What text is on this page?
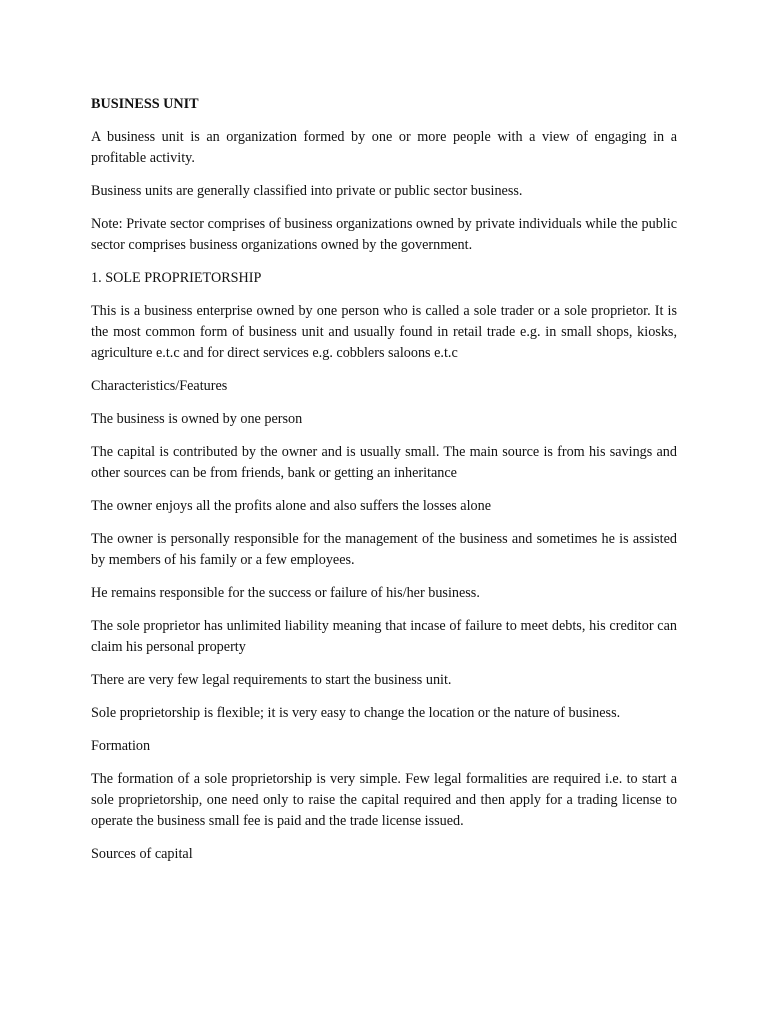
BUSINESS UNIT

A business unit is an organization formed by one or more people with a view of engaging in a profitable activity.

Business units are generally classified into private or public sector business.

Note: Private sector comprises of business organizations owned by private individuals while the public sector comprises business organizations owned by the government.

1. SOLE PROPRIETORSHIP

This is a business enterprise owned by one person who is called a sole trader or a sole proprietor. It is the most common form of business unit and usually found in retail trade e.g. in small shops, kiosks, agriculture e.t.c and for direct services e.g. cobblers saloons e.t.c

Characteristics/Features

The business is owned by one person

The capital is contributed by the owner and is usually small. The main source is from his savings and other sources can be from friends, bank or getting an inheritance

The owner enjoys all the profits alone and also suffers the losses alone

The owner is personally responsible for the management of the business and sometimes he is assisted by members of his family or a few employees.

He remains responsible for the success or failure of his/her business.

The sole proprietor has unlimited liability meaning that incase of failure to meet debts, his creditor can claim his personal property

There are very few legal requirements to start the business unit.

Sole proprietorship is flexible; it is very easy to change the location or the nature of business.

Formation

The formation of a sole proprietorship is very simple. Few legal formalities are required i.e. to start a sole proprietorship, one need only to raise the capital required and then apply for a trading license to operate the business small fee is paid and the trade license issued.

Sources of capital
